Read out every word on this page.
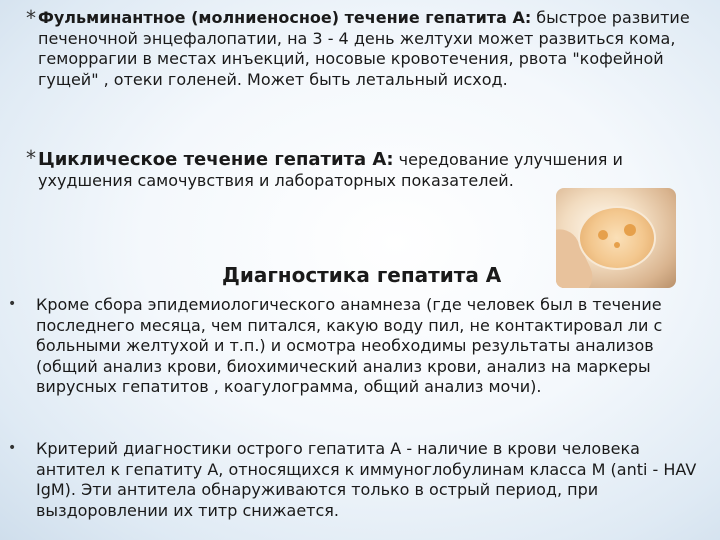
* Фульминантное (молниеносное) течение гепатита А: быстрое развитие печеночной энцефалопатии, на 3 - 4 день желтухи может развиться кома, геморрагии в местах инъекций, носовые кровотечения, рвота "кофейной гущей" , отеки голеней. Может быть летальный исход.
* Циклическое течение гепатита А: чередование улучшения и ухудшения самочувствия и лабораторных показателей.
Диагностика гепатита А
• Кроме сбора эпидемиологического анамнеза (где человек был в течение последнего месяца, чем питался, какую воду пил, не контактировал ли с больными желтухой и т.п.) и осмотра необходимы результаты анализов (общий анализ крови, биохимический анализ крови, анализ на маркеры вирусных гепатитов , коагулограмма, общий анализ мочи).
• Критерий диагностики острого гепатита А - наличие в крови человека антител к гепатиту А, относящихся к иммуноглобулинам класса М (anti - HAV IgM). Эти антитела обнаруживаются только в острый период, при выздоровлении их титр снижается.
